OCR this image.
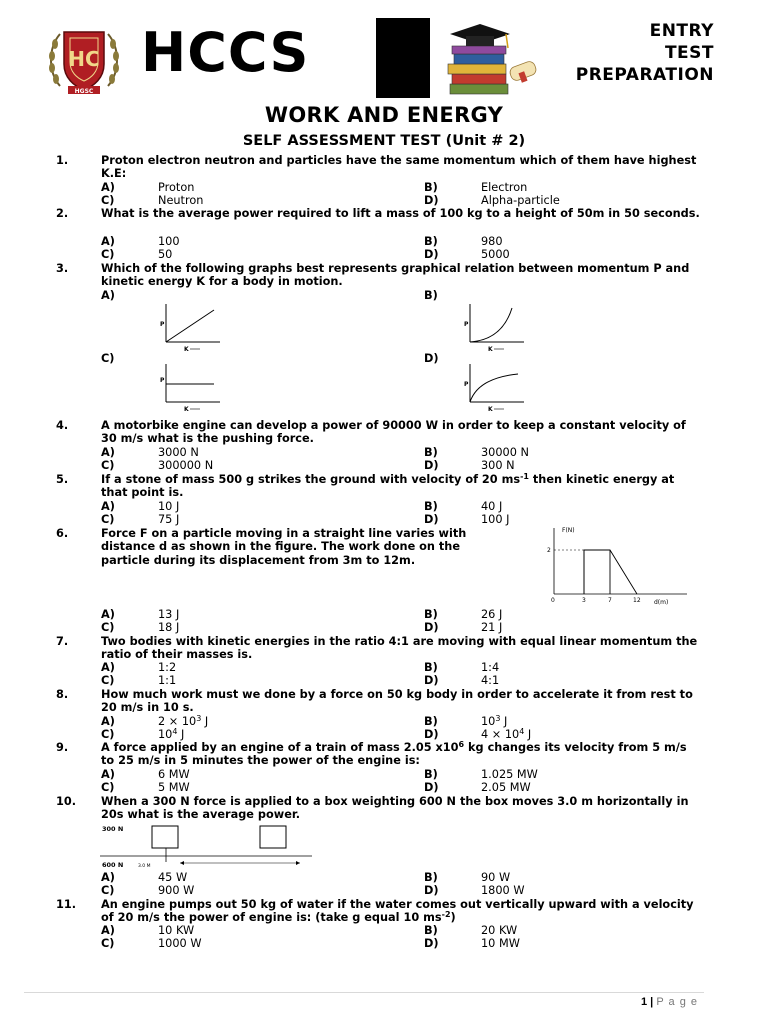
HC
HGSC
HCCS	ENTRY
TEST
PREPARATION
WORK AND ENERGY
SELF ASSESSMENT TEST (Unit # 2)
1.	Proton electron neutron and particles have the same momentum which of them have highest K.E:
A)	Proton	B)	Electron
C)	Neutron	D)	Alpha-particle
2.	What is the average power required to lift a mass of 100 kg to a height of 50m in 50 seconds.
A)	100	B)	980
C)	50	D)	5000
3.	Which of the following graphs best represents graphical relation between momentum P and kinetic energy K for a body in motion.
A)	B)
C)	D)
P
K
P
K
P
K
P
K
4.	A motorbike engine can develop a power of 90000 W in order to keep a constant velocity of 30 m/s what is the pushing force.
A)	3000 N	B)	30000 N
C)	300000 N	D)	300 N
5.	If a stone of mass 500 g strikes the ground with velocity of 20 $ms^{-1}$ then kinetic energy at that point is.
A)	10 J	B)	40 J
C)	75 J	D)	100 J
6.	Force F on a particle moving in a straight line varies with distance d as shown in the figure. The work done on the particle during its displacement from 3m to 12m.
F(N)
2
0	3	7	12 d(m)
A)	13 J	B)	26 J
C)	18 J	D)	21 J
7.	Two bodies with kinetic energies in the ratio 4:1 are moving with equal linear momentum the ratio of their masses is.
A)	1:2	B)	1:4
C)	1:1	D)	4:1
8.	How much work must we done by a force on 50 kg body in order to accelerate it from rest to 20 m/s in 10 s.
A)	$2 \times 10^3$ J	B)	$10^3$ J
C)	$10^4$ J	D)	$4 \times 10^4$ J
9.	A force applied by an engine of a train of mass 2.05 $x10^6$ kg changes its velocity from 5 m/s to 25 m/s in 5 minutes the power of the engine is:
A)	6 MW	B)	1.025 MW
C)	5 MW	D)	2.05 MW
10. When a 300 N force is applied to a box weighting 600 N the box moves 3.0 m horizontally in 20s what is the average power.
300 N
600 N	3.0 M
A)	45 W	B)	90 W
C)	900 W	D)	1800 W
11. An engine pumps out 50 kg of water if the water comes out vertically upward with a velocity of 20 m/s the power of engine is: (take g equal 10 $ms^{-2}$)
A)	10 KW	B)	20 KW
C)	1000 W	D)	10 MW
1 | P a g e
